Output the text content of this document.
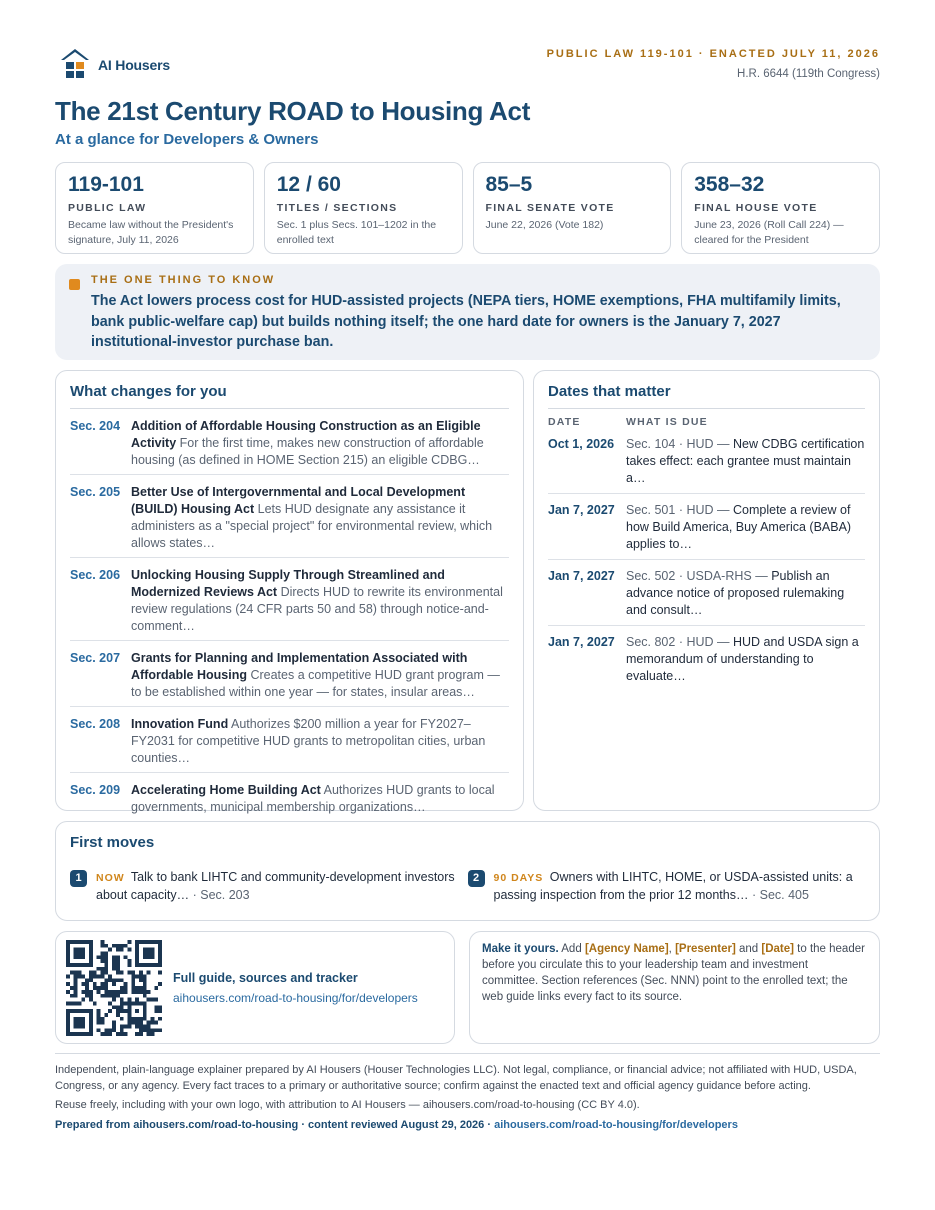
AI Housers
PUBLIC LAW 119-101 · ENACTED JULY 11, 2026
H.R. 6644 (119th Congress)
The 21st Century ROAD to Housing Act
At a glance for Developers & Owners
119-101
PUBLIC LAW
Became law without the President's signature, July 11, 2026
12 / 60
TITLES / SECTIONS
Sec. 1 plus Secs. 101–1202 in the enrolled text
85–5
FINAL SENATE VOTE
June 22, 2026 (Vote 182)
358–32
FINAL HOUSE VOTE
June 23, 2026 (Roll Call 224) — cleared for the President
THE ONE THING TO KNOW
The Act lowers process cost for HUD-assisted projects (NEPA tiers, HOME exemptions, FHA multifamily limits, bank public-welfare cap) but builds nothing itself; the one hard date for owners is the January 7, 2027 institutional-investor purchase ban.
What changes for you
Sec. 204 Addition of Affordable Housing Construction as an Eligible Activity For the first time, makes new construction of affordable housing (as defined in HOME Section 215) an eligible CDBG…
Sec. 205 Better Use of Intergovernmental and Local Development (BUILD) Housing Act Lets HUD designate any assistance it administers as a "special project" for environmental review, which allows states…
Sec. 206 Unlocking Housing Supply Through Streamlined and Modernized Reviews Act Directs HUD to rewrite its environmental review regulations (24 CFR parts 50 and 58) through notice-and-comment…
Sec. 207 Grants for Planning and Implementation Associated with Affordable Housing Creates a competitive HUD grant program — to be established within one year — for states, insular areas…
Sec. 208 Innovation Fund Authorizes $200 million a year for FY2027–FY2031 for competitive HUD grants to metropolitan cities, urban counties…
Sec. 209 Accelerating Home Building Act Authorizes HUD grants to local governments, municipal membership organizations…
Dates that matter
DATE	WHAT IS DUE
Oct 1, 2026 Sec. 104 · HUD — New CDBG certification takes effect: each grantee must maintain a…
Jan 7, 2027 Sec. 501 · HUD — Complete a review of how Build America, Buy America (BABA) applies to…
Jan 7, 2027 Sec. 502 · USDA-RHS — Publish an advance notice of proposed rulemaking and consult…
Jan 7, 2027 Sec. 802 · HUD — HUD and USDA sign a memorandum of understanding to evaluate…
First moves
1	NOW Talk to bank LIHTC and community-development investors about capacity… · Sec. 203
2	90 DAYS Owners with LIHTC, HOME, or USDA-assisted units: a passing inspection from the prior 12 months… · Sec. 405
Full guide, sources and tracker
aihousers.com/road-to-housing/for/developers
Make it yours. Add [Agency Name], [Presenter] and [Date] to the header before you circulate this to your leadership team and investment committee. Section references (Sec. NNN) point to the enrolled text; the web guide links every fact to its source.

Independent, plain-language explainer prepared by AI Housers (Houser Technologies LLC). Not legal, compliance, or financial advice; not affiliated with HUD, USDA, Congress, or any agency. Every fact traces to a primary or authoritative source; confirm against the enacted text and official agency guidance before acting.

Reuse freely, including with your own logo, with attribution to AI Housers — aihousers.com/road-to-housing (CC BY 4.0).

Prepared from aihousers.com/road-to-housing · content reviewed August 29, 2026 · aihousers.com/road-to-housing/for/developers
